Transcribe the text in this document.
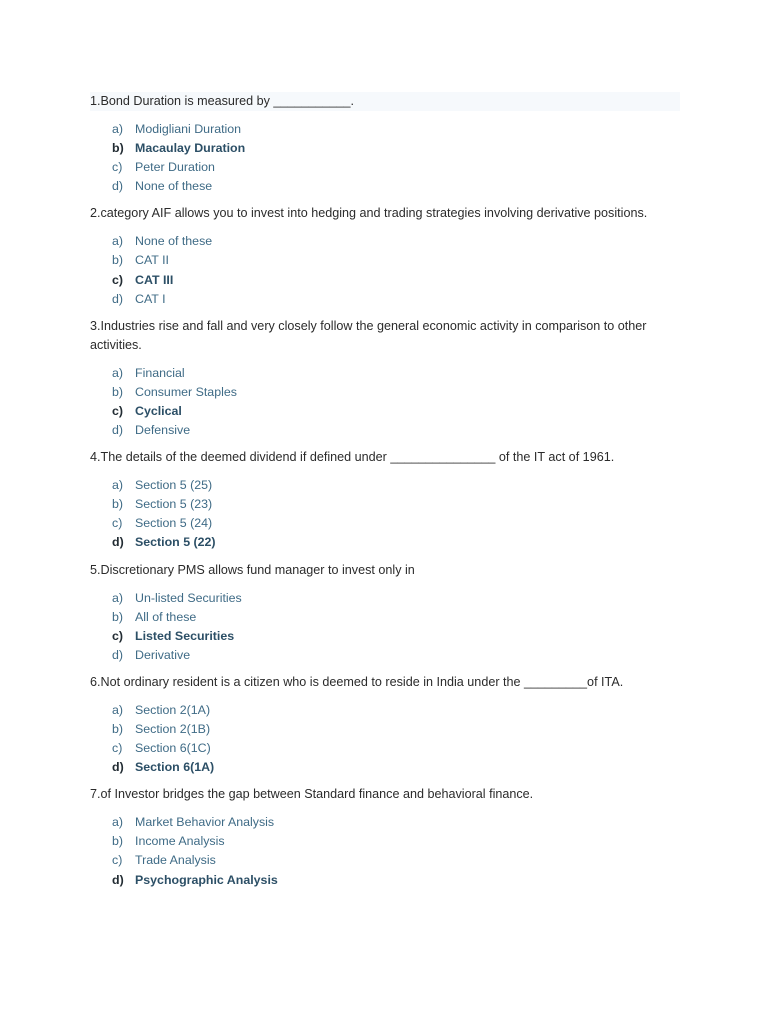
1.Bond Duration is measured by ___________.

a) Modigliani Duration
b) Macaulay Duration
c)	Peter Duration
d) None of these

2.category AIF allows you to invest into hedging and trading strategies involving derivative positions.

a) None of these
b) CAT II
c) CAT III
d) CAT I

3.Industries rise and fall and very closely follow the general economic activity in comparison to other activities.

a) Financial
b) Consumer Staples
c) Cyclical
d) Defensive

4.The details of the deemed dividend if defined under _______________ of the IT act of 1961.

a) Section 5 (25)
b) Section 5 (23)
c)	Section 5 (24)
d) Section 5 (22)

5.Discretionary PMS allows fund manager to invest only in

a) Un-listed Securities
b) All of these
c) Listed Securities
d) Derivative

6.Not ordinary resident is a citizen who is deemed to reside in India under the _________of ITA.

a) Section 2(1A)
b) Section 2(1B)
c)	Section 6(1C)
d) Section 6(1A)

7.of Investor bridges the gap between Standard finance and behavioral finance.

a) Market Behavior Analysis
b) Income Analysis
c)	Trade Analysis
d) Psychographic Analysis
